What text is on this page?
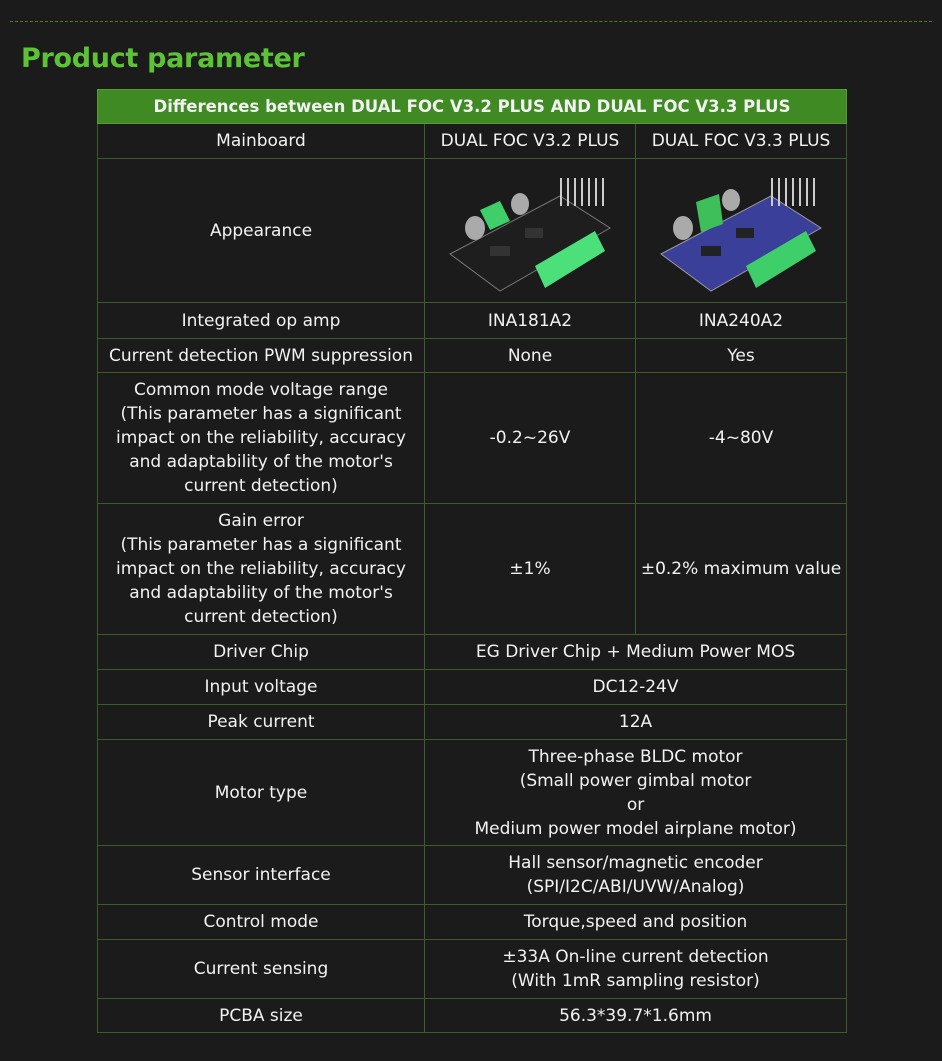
Product parameter
Differences between DUAL FOC V3.2 PLUS AND DUAL FOC V3.3 PLUS		
Mainboard	DUAL FOC V3.2 PLUS	DUAL FOC V3.3 PLUS
Appearance	

Integrated op amp	INA181A2	INA240A2
Current detection PWM suppression	None	Yes
Common mode voltage range
(This parameter has a significant impact on the reliability, accuracy and adaptability of the motor's current detection)	-0.2~26V	-4~80V
Gain error
(This parameter has a significant impact on the reliability, accuracy and adaptability of the motor's current detection)	±1%	±0.2% maximum value
Driver Chip	EG Driver Chip + Medium Power MOS	
Input voltage	DC12-24V	
Peak current	12A	
Motor type	Three-phase BLDC motor
(Small power gimbal motor
or
Medium power model airplane motor)	
Sensor interface	Hall sensor/magnetic encoder
(SPI/I2C/ABI/UVW/Analog)	
Control mode	Torque,speed and position	
Current sensing	±33A On-line current detection
(With 1mR sampling resistor)	
PCBA size	56.3*39.7*1.6mm	
